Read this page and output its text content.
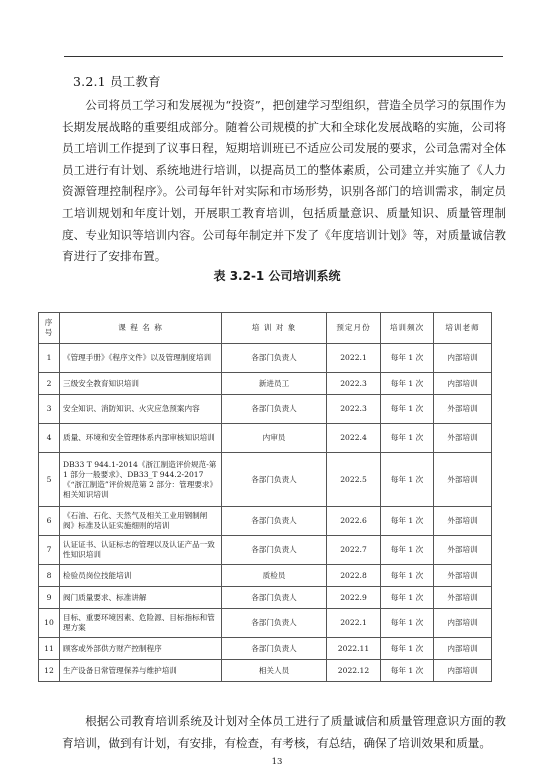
3.2.1 员工教育

公司将员工学习和发展视为“投资”，把创建学习型组织，营造全员学习的氛围作为长期发展战略的重要组成部分。随着公司规模的扩大和全球化发展战略的实施，公司将员工培训工作提到了议事日程，短期培训班已不适应公司发展的要求，公司急需对全体员工进行有计划、系统地进行培训，以提高员工的整体素质，公司建立并实施了《人力资源管理控制程序》。公司每年针对实际和市场形势，识别各部门的培训需求，制定员工培训规划和年度计划，开展职工教育培训，包括质量意识、质量知识、质量管理制度、专业知识等培训内容。公司每年制定并下发了《年度培训计划》等，对质量诚信教育进行了安排布置。

表 3.2-1 公司培训系统
序号	课 程 名 称	培 训 对 象	预定月份	培训频次	培训老师
1	《管理手册》《程序文件》以及管理制度培训	各部门负责人	2022.1	每年 1 次	内部培训
2	三级安全教育知识培训	新进员工	2022.3	每年 1 次	内部培训
3	安全知识、消防知识、火灾应急预案内容	各部门负责人	2022.3	每年 1 次	外部培训
4	质量、环境和安全管理体系内部审核知识培训	内审员	2022.4	每年 1 次	外部培训
5	DB33 T 944.1-2014《浙江制造评价规范-第 1 部分一般要求》、DB33_T 944.2-2017《“浙江制造”评价规范第 2 部分：管理要求》 相关知识培训	各部门负责人	2022.5	每年 1 次	外部培训
6	《石油、石化、天然气及相关工业用钢制闸阀》标准及认证实施细则的培训	各部门负责人	2022.6	每年 1 次	外部培训
7	认证证书、认证标志的管理以及认证产品一致性知识培训	各部门负责人	2022.7	每年 1 次	外部培训
8	检验员岗位技能培训	质检员	2022.8	每年 1 次	外部培训
9	阀门质量要求、标准讲解	各部门负责人	2022.9	每年 1 次	外部培训
10	目标、重要环境因素、危险源、目标指标和管理方案	各部门负责人	2022.1	每年 1 次	内部培训
11	顾客或外部供方财产控制程序	各部门负责人	2022.11	每年 1 次	内部培训
12	生产设备日常管理保养与维护培训	相关人员	2022.12	每年 1 次	内部培训

根据公司教育培训系统及计划对全体员工进行了质量诚信和质量管理意识方面的教育培训，做到有计划，有安排，有检查，有考核，有总结，确保了培训效果和质量。

13
